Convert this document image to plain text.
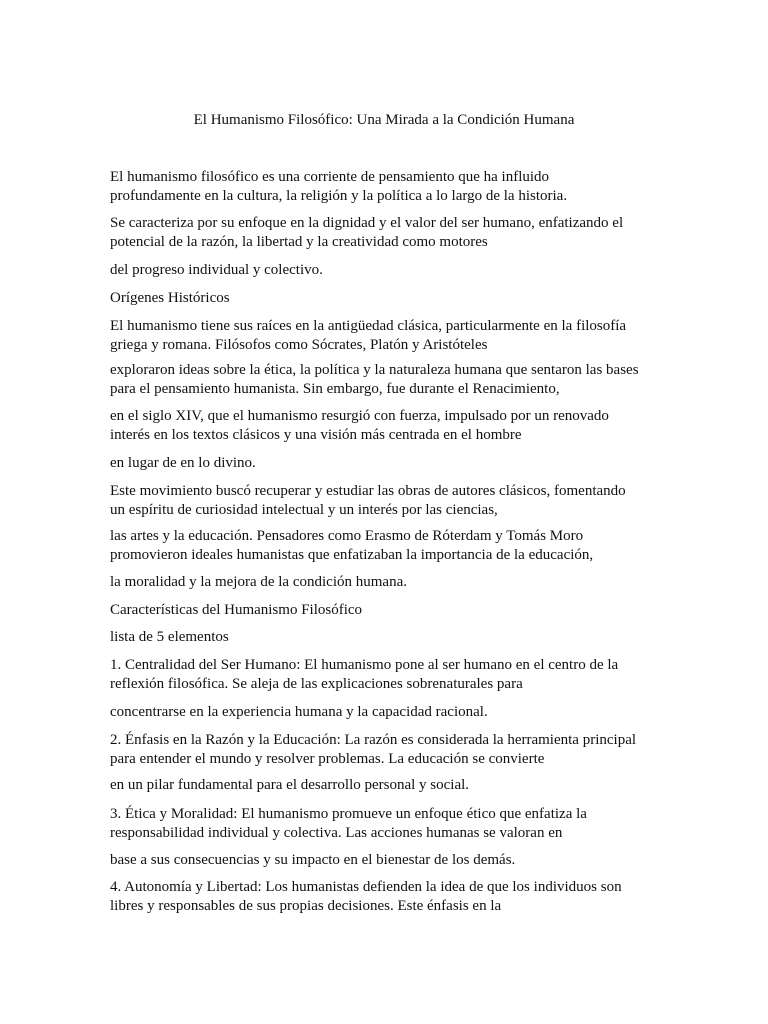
El Humanismo Filosófico: Una Mirada a la Condición Humana
El humanismo filosófico es una corriente de pensamiento que ha influido
profundamente en la cultura, la religión y la política a lo largo de la historia.
Se caracteriza por su enfoque en la dignidad y el valor del ser humano, enfatizando el
potencial de la razón, la libertad y la creatividad como motores
del progreso individual y colectivo.
Orígenes Históricos
El humanismo tiene sus raíces en la antigüedad clásica, particularmente en la filosofía
griega y romana. Filósofos como Sócrates, Platón y Aristóteles
exploraron ideas sobre la ética, la política y la naturaleza humana que sentaron las bases
para el pensamiento humanista. Sin embargo, fue durante el Renacimiento,
en el siglo XIV, que el humanismo resurgió con fuerza, impulsado por un renovado
interés en los textos clásicos y una visión más centrada en el hombre
en lugar de en lo divino.
Este movimiento buscó recuperar y estudiar las obras de autores clásicos, fomentando
un espíritu de curiosidad intelectual y un interés por las ciencias,
las artes y la educación. Pensadores como Erasmo de Róterdam y Tomás Moro
promovieron ideales humanistas que enfatizaban la importancia de la educación,
la moralidad y la mejora de la condición humana.
Características del Humanismo Filosófico
lista de 5 elementos
1. Centralidad del Ser Humano: El humanismo pone al ser humano en el centro de la
reflexión filosófica. Se aleja de las explicaciones sobrenaturales para
concentrarse en la experiencia humana y la capacidad racional.
2. Énfasis en la Razón y la Educación: La razón es considerada la herramienta principal
para entender el mundo y resolver problemas. La educación se convierte
en un pilar fundamental para el desarrollo personal y social.
3. Ética y Moralidad: El humanismo promueve un enfoque ético que enfatiza la
responsabilidad individual y colectiva. Las acciones humanas se valoran en
base a sus consecuencias y su impacto en el bienestar de los demás.
4. Autonomía y Libertad: Los humanistas defienden la idea de que los individuos son
libres y responsables de sus propias decisiones. Este énfasis en la
